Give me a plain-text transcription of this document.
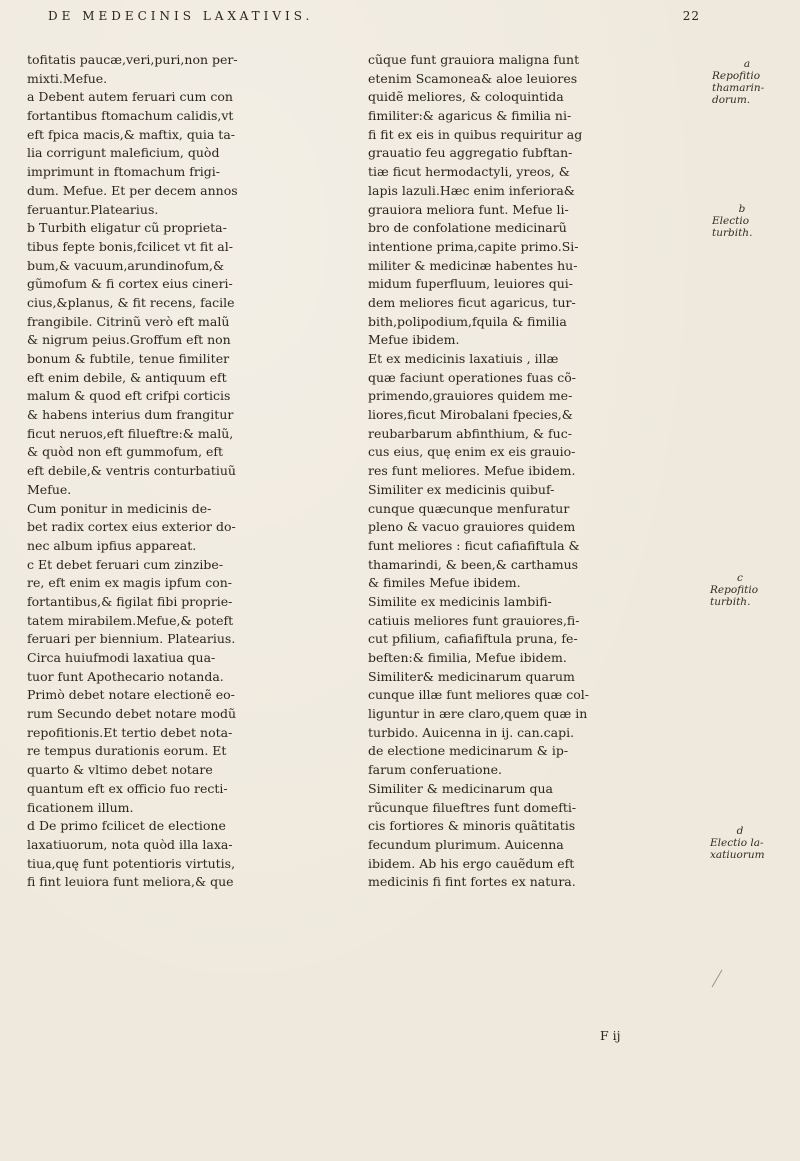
DE MEDECINIS LAXATIVIS.	22
tofitatis paucæ,veri,puri,non per-
mixti.Mefue.
a Debent autem feruari cum con
fortantibus ftomachum calidis,vt
eft fpica macis,& maftix, quia ta-
lia corrigunt maleficium, quòd
imprimunt in ftomachum frigi-
dum. Mefue. Et per decem annos
feruantur.Platearius.
b Turbith eligatur cũ proprieta-
tibus fepte bonis,fcilicet vt fit al-
bum,& vacuum,arundinofum,&
gũmofum & fi cortex eius cineri-
cius,&planus, & fit recens, facile
frangibile. Citrinũ verò eft malũ
& nigrum peius.Groffum eft non
bonum & fubtile, tenue fimiliter
eft enim debile, & antiquum eft
malum & quod eft crifpi corticis
& habens interius dum frangitur
ficut neruos,eft filueftre:& malũ,
& quòd non eft gummofum, eft
eft debile,& ventris conturbatiuũ
Mefue.
Cum ponitur in medicinis de-
bet radix cortex eius exterior do-
nec album ipfius appareat.
c Et debet feruari cum zinzibe-
re, eft enim ex magis ipfum con-
fortantibus,& figilat fibi proprie-
tatem mirabilem.Mefue,& poteft
feruari per biennium. Platearius.
Circa huiufmodi laxatiua qua-
tuor funt Apothecario notanda.
Primò debet notare electionẽ eo-
rum Secundo debet notare modũ
repofitionis.Et tertio debet nota-
re tempus durationis eorum. Et
quarto & vltimo debet notare
quantum eft ex officio fuo recti-
ficationem illum.
d De primo fcilicet de electione
laxatiuorum, nota quòd illa laxa-
tiua,quę funt potentioris virtutis,
fi fint leuiora funt meliora,& que
cũque funt grauiora maligna funt
etenim Scamonea& aloe leuiores
quidẽ meliores, & coloquintida
fimiliter:& agaricus & fimilia ni-
fi fit ex eis in quibus requiritur ag
grauatio feu aggregatio fubftan-
tiæ ficut hermodactyli, yreos, &
lapis lazuli.Hæc enim inferiora&
grauiora meliora funt. Mefue li-
bro de confolatione medicinarũ
intentione prima,capite primo.Si-
militer & medicinæ habentes hu-
midum fuperfluum, leuiores qui-
dem meliores ficut agaricus, tur-
bith,polipodium,fquila & fimilia
Mefue ibidem.
Et ex medicinis laxatiuis , illæ
quæ faciunt operationes fuas cõ-
primendo,grauiores quidem me-
liores,ficut Mirobalani fpecies,&
reubarbarum abfinthium, & fuc-
cus eius, quę enim ex eis grauio-
res funt meliores. Mefue ibidem.
Similiter ex medicinis quibuf-
cunque quæcunque menfuratur
pleno & vacuo grauiores quidem
funt meliores : ficut cafiafiftula &
thamarindi, & been,& carthamus
& fimiles Mefue ibidem.
Similite ex medicinis lambifi-
catiuis meliores funt grauiores,fi-
cut pfilium, cafiafiftula pruna, fe-
beften:& fimilia, Mefue ibidem.
Similiter& medicinarum quarum
cunque illæ funt meliores quæ col-
liguntur in ære claro,quem quæ in
turbido. Auicenna in ij. can.capi.
de electione medicinarum & ip-
farum conferuatione.
Similiter & medicinarum qua
rũcunque filueftres funt domefti-
cis fortiores & minoris quãtitatis
fecundum plurimum. Auicenna
ibidem. Ab his ergo cauẽdum eft
medicinis fi fint fortes ex natura.
a
Repofitio
thamarin-
dorum.
b
Electio
turbith.
c
Repofitio
turbith.
d
Electio la-
xatiuorum
F ij
